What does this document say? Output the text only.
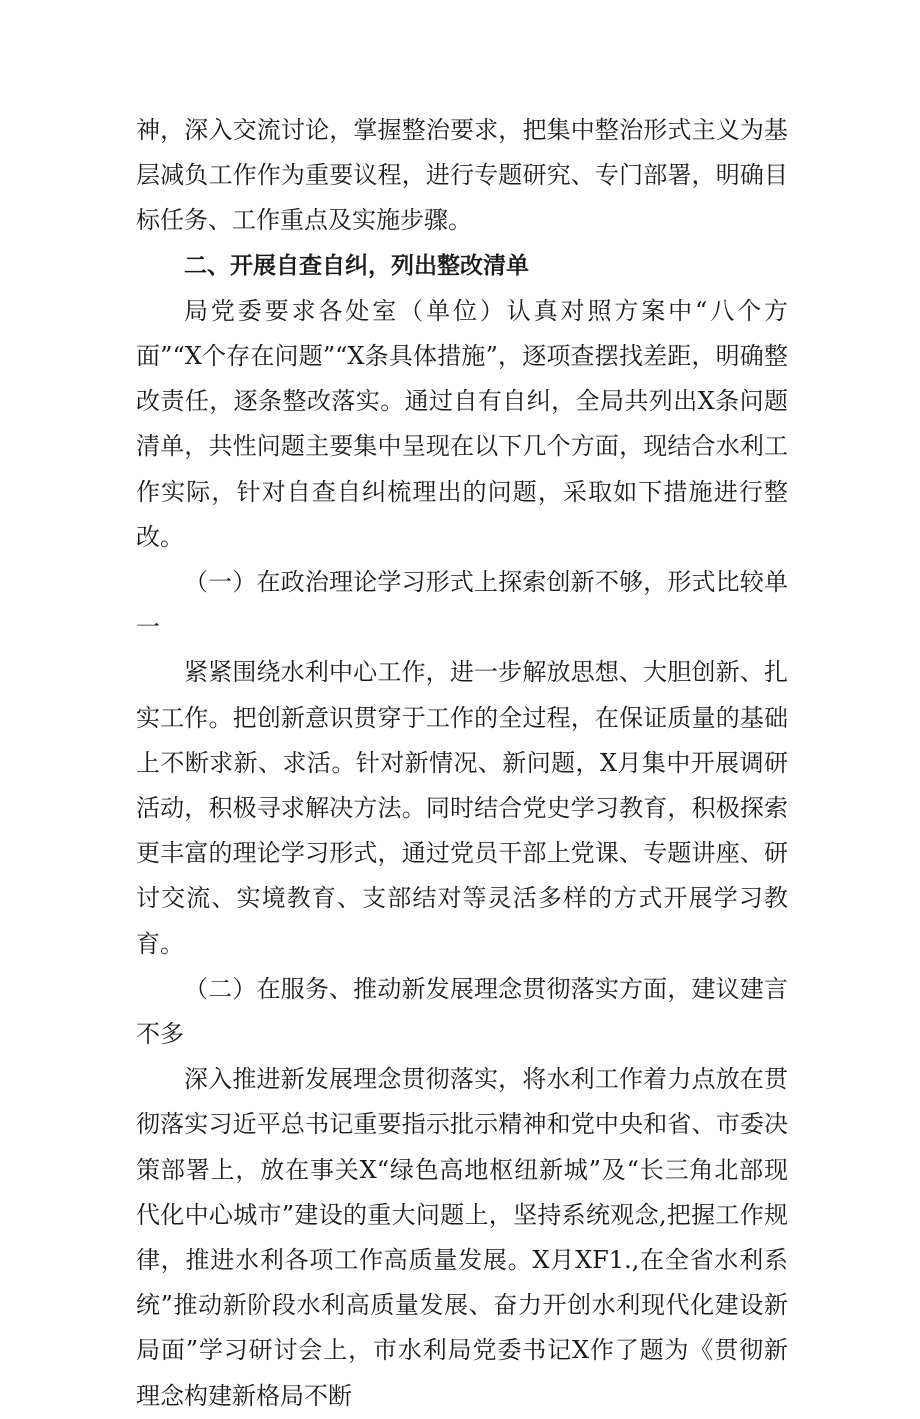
神，深入交流讨论，掌握整治要求，把集中整治形式主义为基层减负工作作为重要议程，进行专题研究、专门部署，明确目标任务、工作重点及实施步骤。

二、开展自查自纠，列出整改清单

局党委要求各处室（单位）认真对照方案中“八个方面”“X个存在问题”“X条具体措施”，逐项查摆找差距，明确整改责任，逐条整改落实。通过自有自纠，全局共列出X条问题清单，共性问题主要集中呈现在以下几个方面，现结合水利工作实际，针对自查自纠梳理出的问题，采取如下措施进行整改。

（一）在政治理论学习形式上探索创新不够，形式比较单一

紧紧围绕水利中心工作，进一步解放思想、大胆创新、扎实工作。把创新意识贯穿于工作的全过程，在保证质量的基础上不断求新、求活。针对新情况、新问题，X月集中开展调研活动，积极寻求解决方法。同时结合党史学习教育，积极探索更丰富的理论学习形式，通过党员干部上党课、专题讲座、研讨交流、实境教育、支部结对等灵活多样的方式开展学习教育。

（二）在服务、推动新发展理念贯彻落实方面，建议建言不多

深入推进新发展理念贯彻落实，将水利工作着力点放在贯彻落实习近平总书记重要指示批示精神和党中央和省、市委决策部署上，放在事关X“绿色高地枢纽新城”及“长三角北部现代化中心城市”建设的重大问题上，坚持系统观念,把握工作规律，推进水利各项工作高质量发展。X月XF1.,在全省水利系统”推动新阶段水利高质量发展、奋力开创水利现代化建设新局面”学习研讨会上，市水利局党委书记X作了题为《贯彻新理念构建新格局不断
